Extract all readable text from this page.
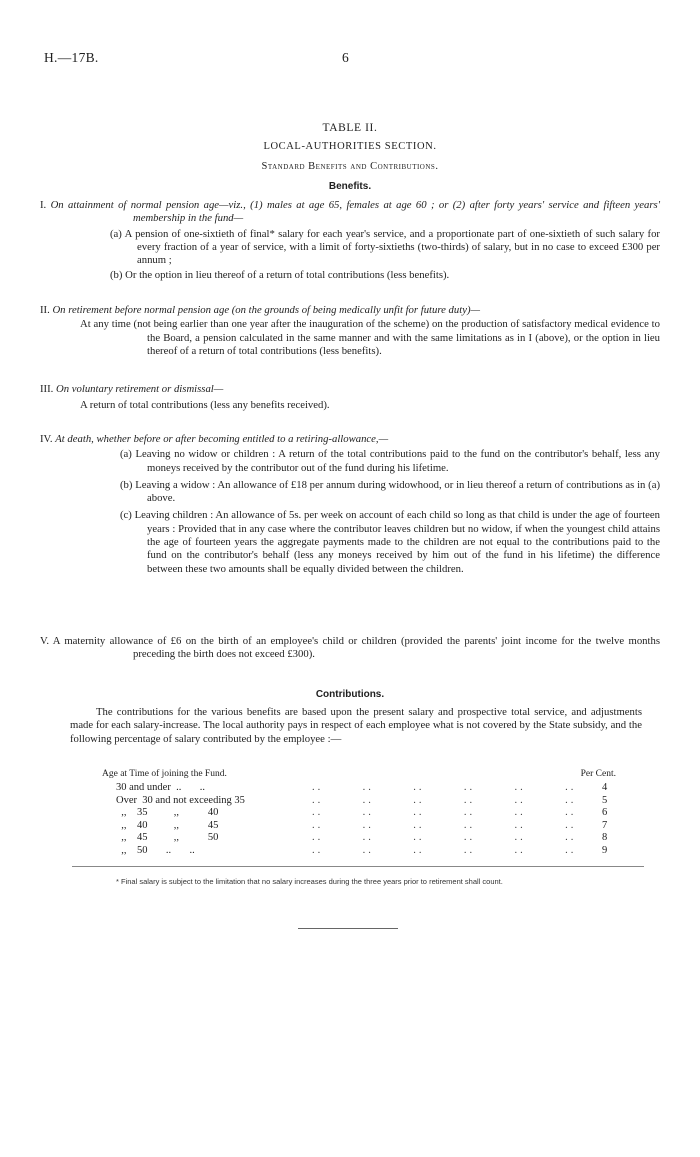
H.—17B.	6
TABLE II.
LOCAL-AUTHORITIES SECTION.
Standard Benefits and Contributions.
Benefits.
I. On attainment of normal pension age—viz., (1) males at age 65, females at age 60 ; or (2) after forty years' service and fifteen years' membership in the fund—
(a) A pension of one-sixtieth of final* salary for each year's service, and a proportionate part of one-sixtieth of such salary for every fraction of a year of service, with a limit of forty-sixtieths (two-thirds) of salary, but in no case to exceed £300 per annum ;
(b) Or the option in lieu thereof of a return of total contributions (less benefits).
II. On retirement before normal pension age (on the grounds of being medically unfit for future duty)—
At any time (not being earlier than one year after the inauguration of the scheme) on the production of satisfactory medical evidence to the Board, a pension calculated in the same manner and with the same limitations as in I (above), or the option in lieu thereof of a return of total contributions (less benefits).
III. On voluntary retirement or dismissal—
A return of total contributions (less any benefits received).
IV. At death, whether before or after becoming entitled to a retiring-allowance,—
(a) Leaving no widow or children : A return of the total contributions paid to the fund on the contributor's behalf, less any moneys received by the contributor out of the fund during his lifetime.
(b) Leaving a widow : An allowance of £18 per annum during widowhood, or in lieu thereof a return of contributions as in (a) above.
(c) Leaving children : An allowance of 5s. per week on account of each child so long as that child is under the age of fourteen years : Provided that in any case where the contributor leaves children but no widow, if when the youngest child attains the age of fourteen years the aggregate payments made to the children are not equal to the contributions paid to the fund on the contributor's behalf (less any moneys received by him out of the fund in his lifetime) the difference between these two amounts shall be equally divided between the children.
V. A maternity allowance of £6 on the birth of an employee's child or children (provided the parents' joint income for the twelve months preceding the birth does not exceed £300).
Contributions.
The contributions for the various benefits are based upon the present salary and prospective total service, and adjustments made for each salary-increase. The local authority pays in respect of each employee what is not covered by the State subsidy, and the following percentage of salary contributed by the employee :—
Age at Time of joining the Fund.	Per Cent.
30 and under  ..       ..	..       ..       ..       ..       ..       .. 4
Over  30 and not exceeding 35	..       ..       ..       ..       ..       .. 5
,,    35          ,,           40	..       ..       ..       ..       ..       .. 6
,,    40          ,,           45	..       ..       ..       ..       ..       .. 7
,,    45          ,,           50	..       ..       ..       ..       ..       .. 8
,,    50       ..       ..	..       ..       ..       ..       ..       .. 9
* Final salary is subject to the limitation that no salary increases during the three years prior to retirement shall count.
